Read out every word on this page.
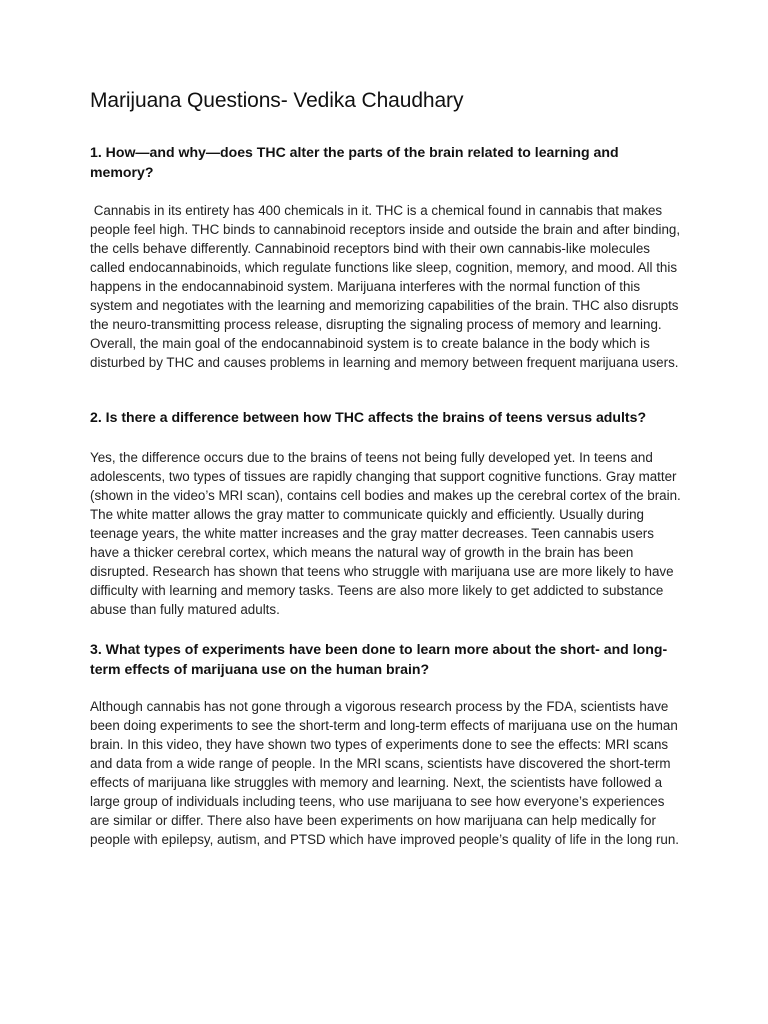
Marijuana Questions- Vedika Chaudhary
1. How—and why—does THC alter the parts of the brain related to learning and memory?

Cannabis in its entirety has 400 chemicals in it. THC is a chemical found in cannabis that makes people feel high. THC binds to cannabinoid receptors inside and outside the brain and after binding, the cells behave differently. Cannabinoid receptors bind with their own cannabis-like molecules called endocannabinoids, which regulate functions like sleep, cognition, memory, and mood. All this happens in the endocannabinoid system. Marijuana interferes with the normal function of this system and negotiates with the learning and memorizing capabilities of the brain. THC also disrupts the neuro-transmitting process release, disrupting the signaling process of memory and learning. Overall, the main goal of the endocannabinoid system is to create balance in the body which is disturbed by THC and causes problems in learning and memory between frequent marijuana users.

2. Is there a difference between how THC affects the brains of teens versus adults?

Yes, the difference occurs due to the brains of teens not being fully developed yet. In teens and adolescents, two types of tissues are rapidly changing that support cognitive functions. Gray matter (shown in the video’s MRI scan), contains cell bodies and makes up the cerebral cortex of the brain. The white matter allows the gray matter to communicate quickly and efficiently. Usually during teenage years, the white matter increases and the gray matter decreases. Teen cannabis users have a thicker cerebral cortex, which means the natural way of growth in the brain has been disrupted. Research has shown that teens who struggle with marijuana use are more likely to have difficulty with learning and memory tasks. Teens are also more likely to get addicted to substance abuse than fully matured adults.

3. What types of experiments have been done to learn more about the short- and long-term effects of marijuana use on the human brain?

Although cannabis has not gone through a vigorous research process by the FDA, scientists have been doing experiments to see the short-term and long-term effects of marijuana use on the human brain. In this video, they have shown two types of experiments done to see the effects: MRI scans and data from a wide range of people. In the MRI scans, scientists have discovered the short-term effects of marijuana like struggles with memory and learning. Next, the scientists have followed a large group of individuals including teens, who use marijuana to see how everyone’s experiences are similar or differ. There also have been experiments on how marijuana can help medically for people with epilepsy, autism, and PTSD which have improved people’s quality of life in the long run.
